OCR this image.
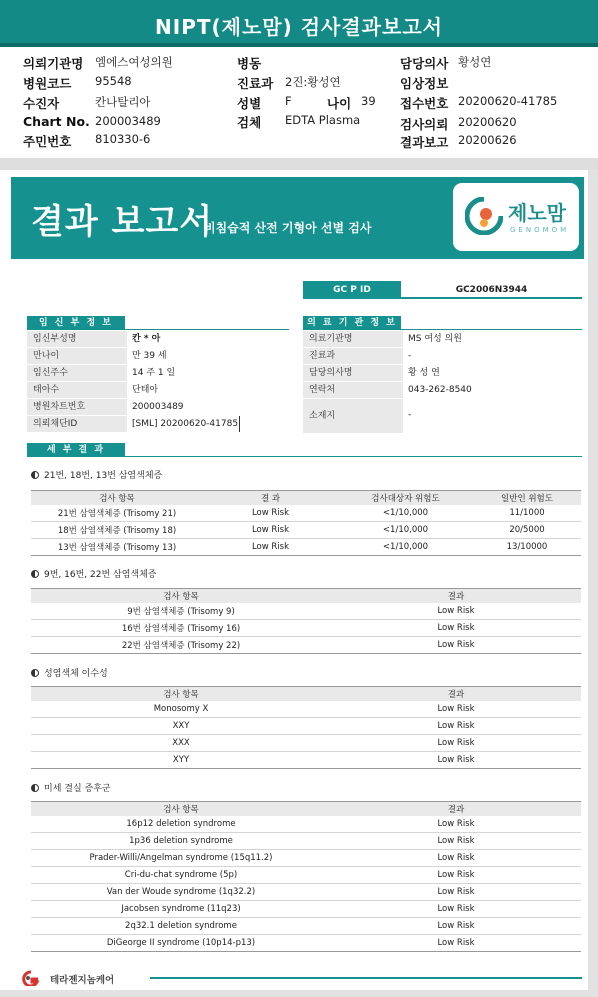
NIPT(제노맘) 검사결과보고서
의뢰기관명 엠에스여성의원
병원코드 95548
수진자	칸나탈리아
Chart No. 200003489
주민번호 810330-6
병동
진료과 2진:황성연
성별 F	나이 39
검체 EDTA Plasma
담당의사 황성연
임상정보
접수번호 20200620-41785
검사의뢰 20200620
결과보고 20200626
결과 보고서
비침습적 산전 기형아 선별 검사
제노맘
GENOMOM
GC P ID	GC2006N3944
임 신 부 정 보	의 료 기 관 정 보
임신부성명	칸 * 아
만나이	만 39 세
임신주수	14 주 1 일
태아수	단태아
병원차트번호	200003489
의뢰채단ID	[SML] 20200620-41785
의료기관명	MS 여성 의원
진료과	-
담당의사명	황 성 연
연락처	043-262-8540
소재지	-
세 부 결 과
21번, 18번, 13번 삼염색체증
검사 항목	결 과	검사대상자 위험도	일반인 위험도
21번 삼염색체증 (Trisomy 21)	Low Risk	<1/10,000	11/1000
18번 삼염색체증 (Trisomy 18)	Low Risk	<1/10,000	20/5000
13번 삼염색체증 (Trisomy 13)	Low Risk	<1/10,000	13/10000
9번, 16번, 22번 삼염색체증
검사 항목	결과
9번 삼염색체증 (Trisomy 9)	Low Risk
16번 삼염색체증 (Trisomy 16)	Low Risk
22번 삼염색체증 (Trisomy 22)	Low Risk
성염색체 이수성
검사 항목	결과
Monosomy X	Low Risk
XXY	Low Risk
XXX	Low Risk
XYY	Low Risk
미세 결실 증후군
검사 항목	결과
16p12 deletion syndrome	Low Risk
1p36 deletion syndrome	Low Risk
Prader-Willi/Angelman syndrome (15q11.2)	Low Risk
Cri-du-chat syndrome (5p)	Low Risk
Van der Woude syndrome (1q32.2)	Low Risk
Jacobsen syndrome (11q23)	Low Risk
2q32.1 deletion syndrome	Low Risk
DiGeorge II syndrome (10p14-p13)	Low Risk
테라젠지놈케어
